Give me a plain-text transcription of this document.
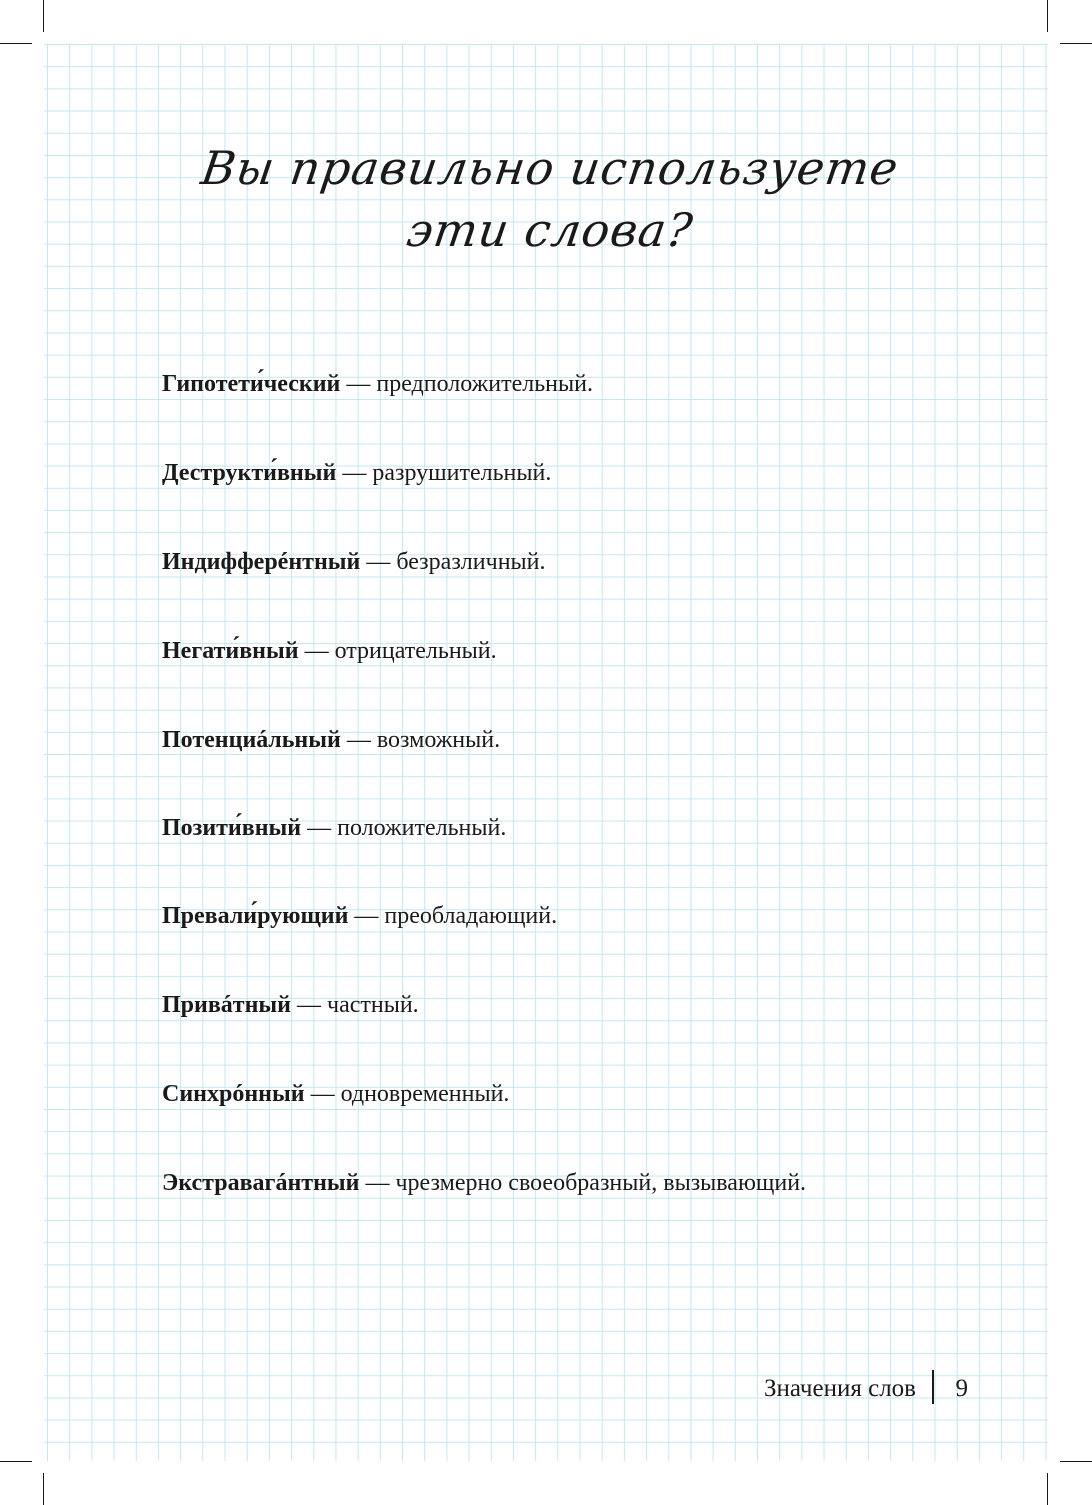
Вы правильно используете
эти слова?
Гипотети́ческий — предположительный.
Деструкти́вный — разрушительный.
Индифферéнтный — безразличный.
Негати́вный — отрицательный.
Потенциáльный — возможный.
Позити́вный — положительный.
Превали́рующий — преобладающий.
Привáтный — частный.
Синхрóнный — одновременный.
Экстравагáнтный — чрезмерно своеобразный, вызывающий.
Значения слов 9
